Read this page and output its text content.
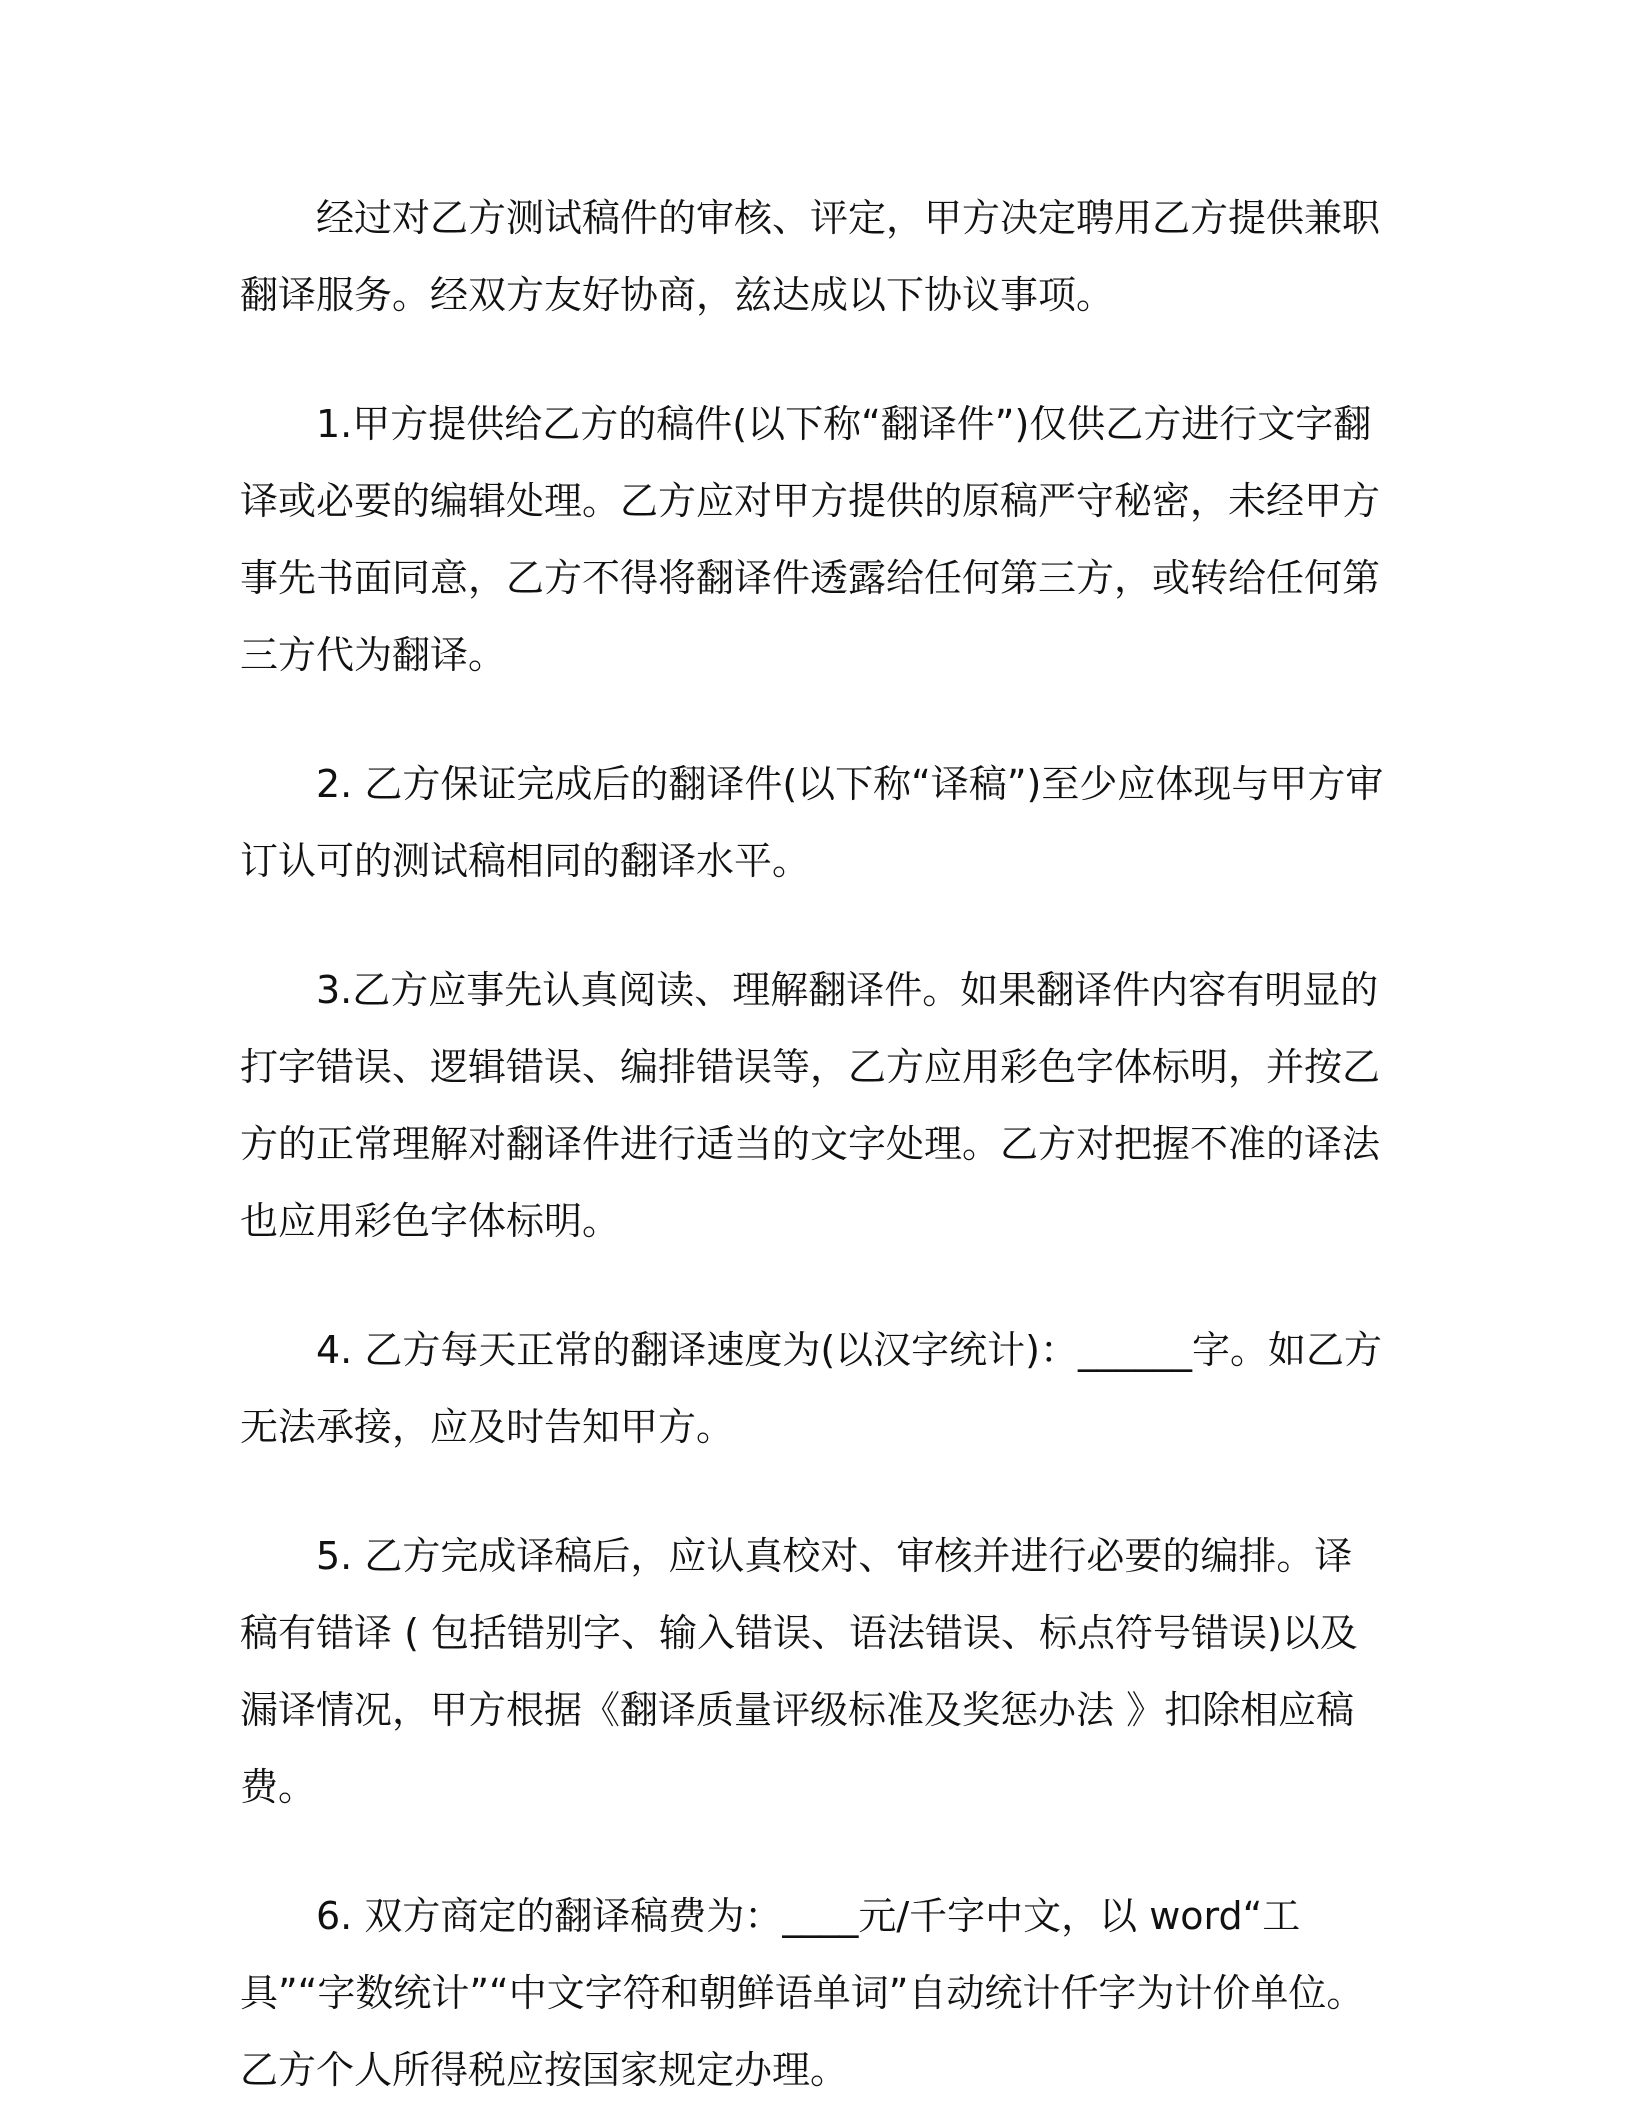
经过对乙方测试稿件的审核、评定，甲方决定聘用乙方提供兼职翻译服务。经双方友好协商，兹达成以下协议事项。

1.甲方提供给乙方的稿件(以下称“翻译件”)仅供乙方进行文字翻译或必要的编辑处理。乙方应对甲方提供的原稿严守秘密，未经甲方事先书面同意，乙方不得将翻译件透露给任何第三方，或转给任何第三方代为翻译。

2. 乙方保证完成后的翻译件(以下称“译稿”)至少应体现与甲方审订认可的测试稿相同的翻译水平。

3.乙方应事先认真阅读、理解翻译件。如果翻译件内容有明显的打字错误、逻辑错误、编排错误等，乙方应用彩色字体标明，并按乙方的正常理解对翻译件进行适当的文字处理。乙方对把握不准的译法也应用彩色字体标明。

4. 乙方每天正常的翻译速度为(以汉字统计)：______字。如乙方无法承接，应及时告知甲方。

5. 乙方完成译稿后，应认真校对、审核并进行必要的编排。译稿有错译 ( 包括错别字、输入错误、语法错误、标点符号错误)以及漏译情况，甲方根据《翻译质量评级标准及奖惩办法 》扣除相应稿费。

6. 双方商定的翻译稿费为：____元/千字中文，以 word“工具”“字数统计”“中文字符和朝鲜语单词”自动统计仟字为计价单位。乙方个人所得税应按国家规定办理。
